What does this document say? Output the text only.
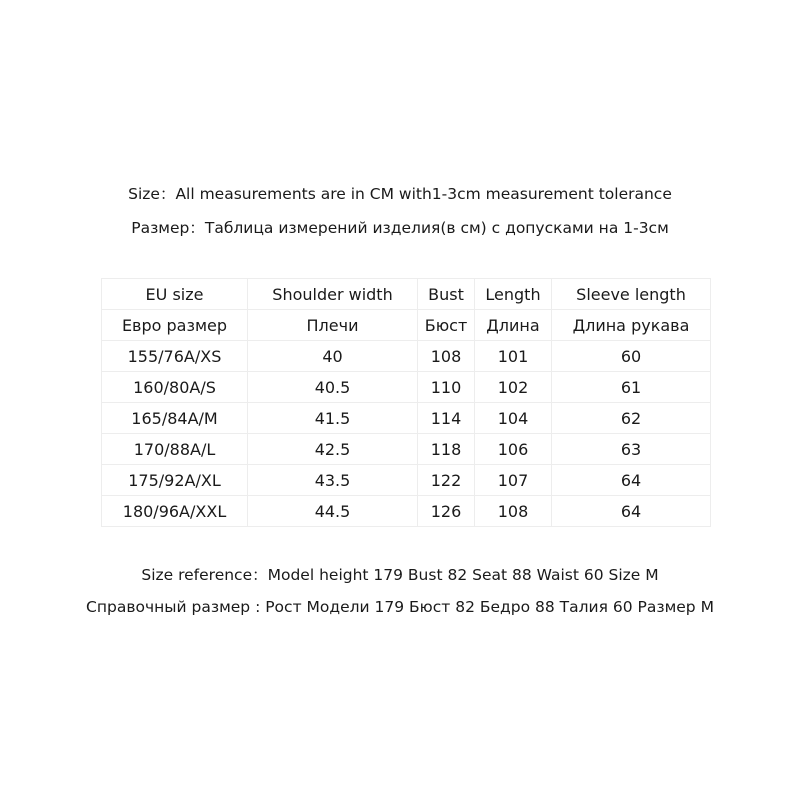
Size：All measurements are in CM with1-3cm measurement tolerance
Размер：Таблица измерений изделия(в см) с допусками на 1-3см
EU size	Shoulder width	Bust	Length	Sleeve length
Евро размер	Плечи	Бюст	Длина	Длина рукава
155/76A/XS	40	108	101	60
160/80A/S	40.5	110	102	61
165/84A/M	41.5	114	104	62
170/88A/L	42.5	118	106	63
175/92A/XL	43.5	122	107	64
180/96A/XXL	44.5	126	108	64
Size reference：Model height 179 Bust 82 Seat 88 Waist 60 Size M
Справочный размер : Рост Модели 179 Бюст 82 Бедро 88 Талия 60 Размер M
